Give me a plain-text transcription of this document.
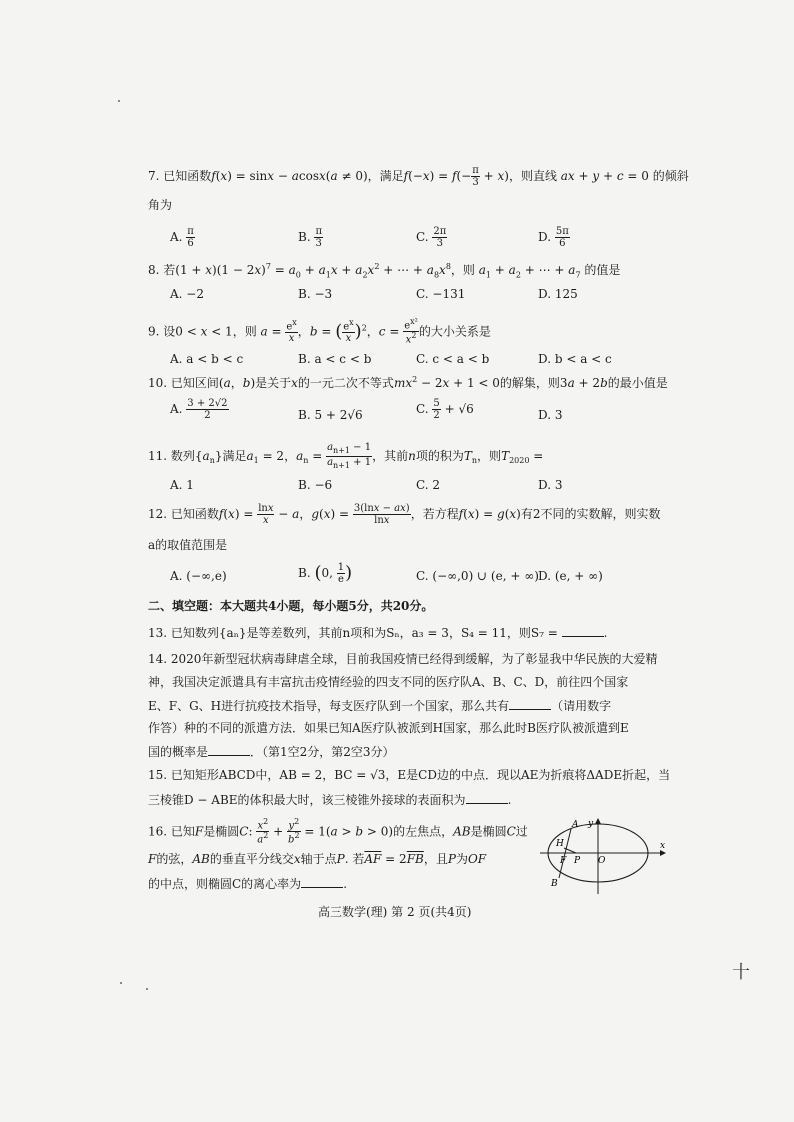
7. 已知函数f(x) = sinx − acosx(a ≠ 0)，满足$f(-x) = f(- \frac{\pi}{3} + x)$，则直线 ax + y + c = 0 的倾斜
角为
A. $\frac{\pi}{6}$	B. $\frac{\pi}{3}$	C. $\frac{2\pi}{3}$	D. $\frac{5\pi}{6}$
8. 若$(1 + x)(1 - 2x)^7 = a_0 + a_1x + a_2x^2$ + ⋯ + $a_8x^8$，则 $a_1 + a_2$ + ⋯ + $a_7$ 的值是
A. −2	B. −3	C. −131	D. 125
9. 设0 < x < 1，则 $a = \frac{e^x}{x}$ ，b = ( $\frac{e^x}{x} )^2$，$c = \frac{e^{x^2}}{x^2}$ 的大小关系是
A. a < b < c	B. a < c < b	C. c < a < b	D. b < a < c
10. 已知区间(a，b)是关于x的一元二次不等式$mx^2 - 2x + 1 < 0$的解集，则3a + 2b的最小值是
A. $\frac{3 + 2√2}{2}$	B. 5 + 2√6	C. $\frac{5}{2} + √6$	D. 3
11. 数列$\{a_n\}$满足$a_1 = 2$，$a_n = \frac{a_{n+1} - 1}{a_{n+1} + 1}$ ，其前n项的积为$T_n$，则$T_{2020}$ =
A. 1	B. −6	C. 2	D. 3
12. 已知函数$f(x) = \frac{\ln x}{x} - a$，$g(x) = \frac{3(\ln x - ax)}{\ln x}$ ，若方程f(x) = g(x)有2不同的实数解，则实数
a的取值范围是
A. (−∞,e)	B. (0, $\frac{1}{e}$ )	C. (−∞,0) ∪ (e, + ∞) D. (e, + ∞)
二、填空题：本大题共4小题，每小题5分，共20分。
13. 已知数列{aₙ}是等差数列，其前n项和为Sₙ，a₃ = 3，S₄ = 11，则S₇ =	.
14. 2020年新型冠状病毒肆虐全球，目前我国疫情已经得到缓解，为了彰显我中华民族的大爱精
神，我国决定派遣具有丰富抗击疫情经验的四支不同的医疗队A、B、C、D，前往四个国家
E、F、G、H进行抗疫技术指导，每支医疗队到一个国家，那么共有	（请用数字
作答）种的不同的派遣方法．如果已知A医疗队被派到H国家，那么此时B医疗队被派遣到E
国的概率是	．（第1空2分，第2空3分）
15. 已知矩形ABCD中，AB = 2，BC = √3，E是CD边的中点．现以AE为折痕将ΔADE折起，当
三棱锥D − ABE的体积最大时，该三棱锥外接球的表面积为	.
16. 已知F是椭圆C: $\frac{x^2}{a^2} + \frac{y^2}{b^2} = 1(a > b > 0)$的左焦点，AB是椭圆C过
F的弦，AB的垂直平分线交x轴于点P. 若$\overline{AF} = 2\overline{FB}$，且P为OF
的中点，则椭圆C的离心率为	.
y
x
A
H
F P O
B
高三数学(理) 第 2 页(共4页)
十
